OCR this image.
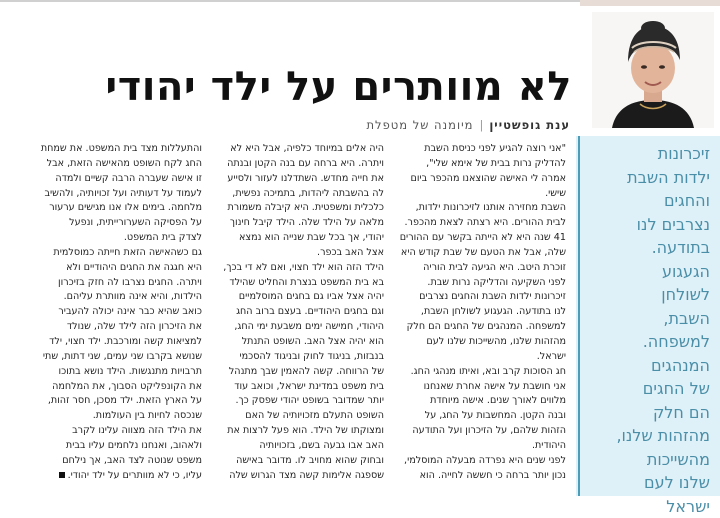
לא מוותרים על ילד יהודי
ענת גופשטיין|מיומנה של מטפלת
זיכרונות
ילדות השבת
והחגים
נצרבים לנו
בתודעה.
הגעגוע
לשולחן
השבת,
למשפחה.
המנהגים
של החגים
הם חלק
מהזהות שלנו,
מהשייכות
שלנו לעם
ישראל
"אני רוצה להגיע לפני כניסת השבת
להדליק נרות בבית של אימא שלי",
אמרה לי האישה שהוצאנו מהכפר ביום
שישי.
השבת מחזירה אותנו לזיכרונות ילדות,
לבית ההורים. היא רצתה לצאת מהכפר.
41 שנה היא לא הייתה בקשר עם ההורים
שלה, אבל את הטעם של שבת קודש היא
זוכרת היטב. היא הגיעה לבית הוריה
לפני השקיעה והדליקה נרות שבת.
זיכרונות ילדות השבת והחגים נצרבים
לנו בתודעה. הגעגוע לשולחן השבת,
למשפחה. המנהגים של החגים הם חלק
מהזהות שלנו, מהשייכות שלנו לעם
ישראל.
חג הסוכות קרב ובא, ואיתו מנהגי החג.
אני חושבת על אישה אחרת שאנחנו
מלווים לאורך שנים. אישה מיוחדת
ובנה הקטן. המחשבות על החג, על
הזהות שלהם, על הזיכרון ועל התודעה
היהודית.
לפני שנים היא נפרדה מבעלה המוסלמי,
נכון יותר ברחה כי חששה לחייה. הוא
היה אלים במיוחד כלפיה, אבל היא לא
ויתרה. היא ברחה עם בנה הקטן ובנתה
את חייה מחדש. השתדלנו לעזור ולסייע
לה בהשבתה ליהדות, בתמיכה נפשית,
כלכלית ומשפטית. היא קיבלה משמורת
מלאה על הילד שלה. הילד קיבל חינוך
יהודי, אך בכל שבת שנייה הוא נמצא
אצל האב בכפר.
הילד הזה הוא ילד חצוי, ואם לא די בכך,
בא בית המשפט בנצרת והחליט שהילד
יהיה אצל אביו גם בחגים המוסלמיים
וגם בחגים היהודיים. בעצם ברוב החג
היהודי, חמישה ימים משבעת ימי החג,
הוא יהיה אצל האב. השופט התנתל
בנבזות, בניגוד לחוק ובניגוד להסכמי
של הרווחה. קשה להאמין שבך מתנהל
בית משפט במדינת ישראל, וכואב עוד
יותר שמדובר בשופט יהודי שפסק כך.
השופט התעלם מזכויותיה של האם
ומצוקתו של הילד. הוא פעל לרצות את
האב אבו גבעה בשם, בזכויותיה
ובחוק שהוא מחויב לו. מדובר באישה
שספגה אלימות קשה מצד הגרוש שלה
והתעללות מצד בית המשפט. את שמחת
החג לקח השופט מהאישה הזאת, אבל
זו אישה שעברה הרבה קשיים ולמדה
לעמוד על דעותיה ועל זכויותיה, ולהשיב
מלחמה. בימים אלו אנו מגישים ערעור
על הפסיקה השערורייתית, ונפעל
לצדק בית המשפט.
גם כשהאישה הזאת חייתה כמוסלמית
היא חגגה את החגים היהודיים ולא
ויתרה. החגים נצרבו לה חזק בזיכרון
הילדות, והיא אינה מוותרת עליהם.
כואב שהיא כבר אינה יכולה להעביר
את הזיכרון הזה לילד שלה, שנולד
למציאות קשה ומורכבת. ילד חצוי, ילד
שנושא בקרבו שני עמים, שני דתות, שתי
תרבויות מתנגשות. הילד נושא בתוכו
את הקונפליקט הסבוך, את המלחמה
על הארץ הזאת. ילד מסכן, חסר זהות,
שנכסה לחיות בין העולמות.
את הילד הזה מצווה עלינו לקרב
ולאהוב, ואנחנו נלחמים עליו בבית
משפט שנוטה לצד האב, אך נילחם
עליו, כי לא מוותרים על ילד יהודי.
